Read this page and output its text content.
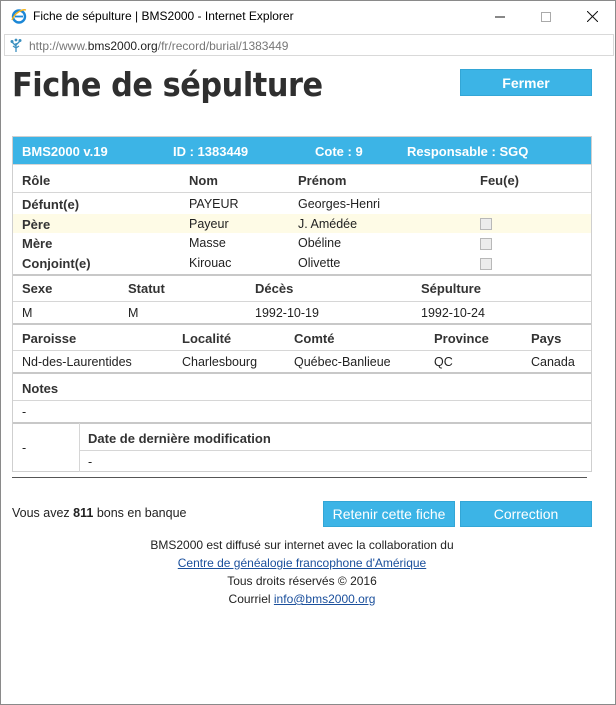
Fiche de sépulture | BMS2000 - Internet Explorer
http://www.bms2000.org/fr/record/burial/1383449
Fiche de sépulture	Fermer
BMS2000 v.19	ID : 1383449	Cote : 9	Responsable : SGQ
Rôle	Nom	Prénom	Feu(e)
Défunt(e)	PAYEUR	Georges-Henri
Père	Payeur	J. Amédée
Mère	Masse	Obéline
Conjoint(e)	Kirouac	Olivette
Sexe	Statut	Décès	Sépulture
M	M	1992-10-19	1992-10-24
Paroisse	Localité	Comté	Province	Pays
Nd-des-Laurentides	Charlesbourg	Québec-Banlieue	QC	Canada
Notes
-
-
Date de dernière modification
-
Vous avez 811 bons en banque	Retenir cette fiche	Correction
BMS2000 est diffusé sur internet avec la collaboration du
Centre de généalogie francophone d'Amérique
Tous droits réservés © 2016
Courriel info@bms2000.org
